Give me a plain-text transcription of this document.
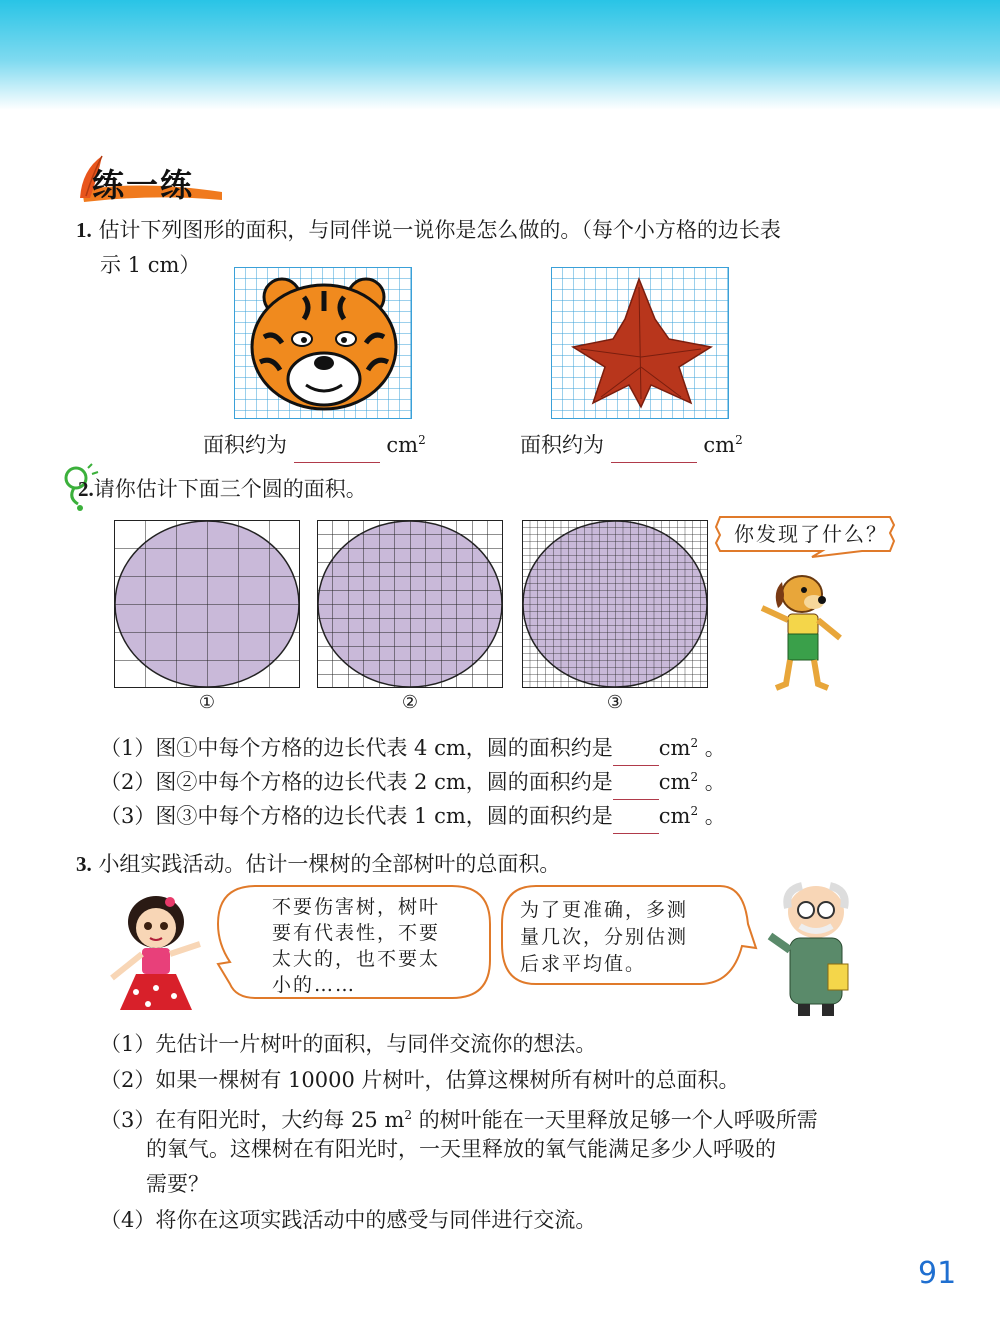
练一练
1. 估计下列图形的面积，与同伴说一说你是怎么做的。（每个小方格的边长表
示 1 cm）
面积约为	$cm^2$	面积约为	$cm^2$
2.请你估计下面三个圆的面积。
①	②	③
你发现了什么？
（1）图①中每个方格的边长代表 4 cm，圆的面积约是 $cm^2$ 。
（2）图②中每个方格的边长代表 2 cm，圆的面积约是 $cm^2$ 。
（3）图③中每个方格的边长代表 1 cm，圆的面积约是 $cm^2$ 。
3. 小组实践活动。估计一棵树的全部树叶的总面积。
不要伤害树，树叶
要有代表性，不要
太大的，也不要太
小的……
为了更准确，多测
量几次，分别估测
后求平均值。
（1）先估计一片树叶的面积，与同伴交流你的想法。
（2）如果一棵树有 10000 片树叶，估算这棵树所有树叶的总面积。
（3）在有阳光时，大约每 25 $m^2$ 的树叶能在一天里释放足够一个人呼吸所需
的氧气。这棵树在有阳光时，一天里释放的氧气能满足多少人呼吸的
需要？
（4）将你在这项实践活动中的感受与同伴进行交流。
91
